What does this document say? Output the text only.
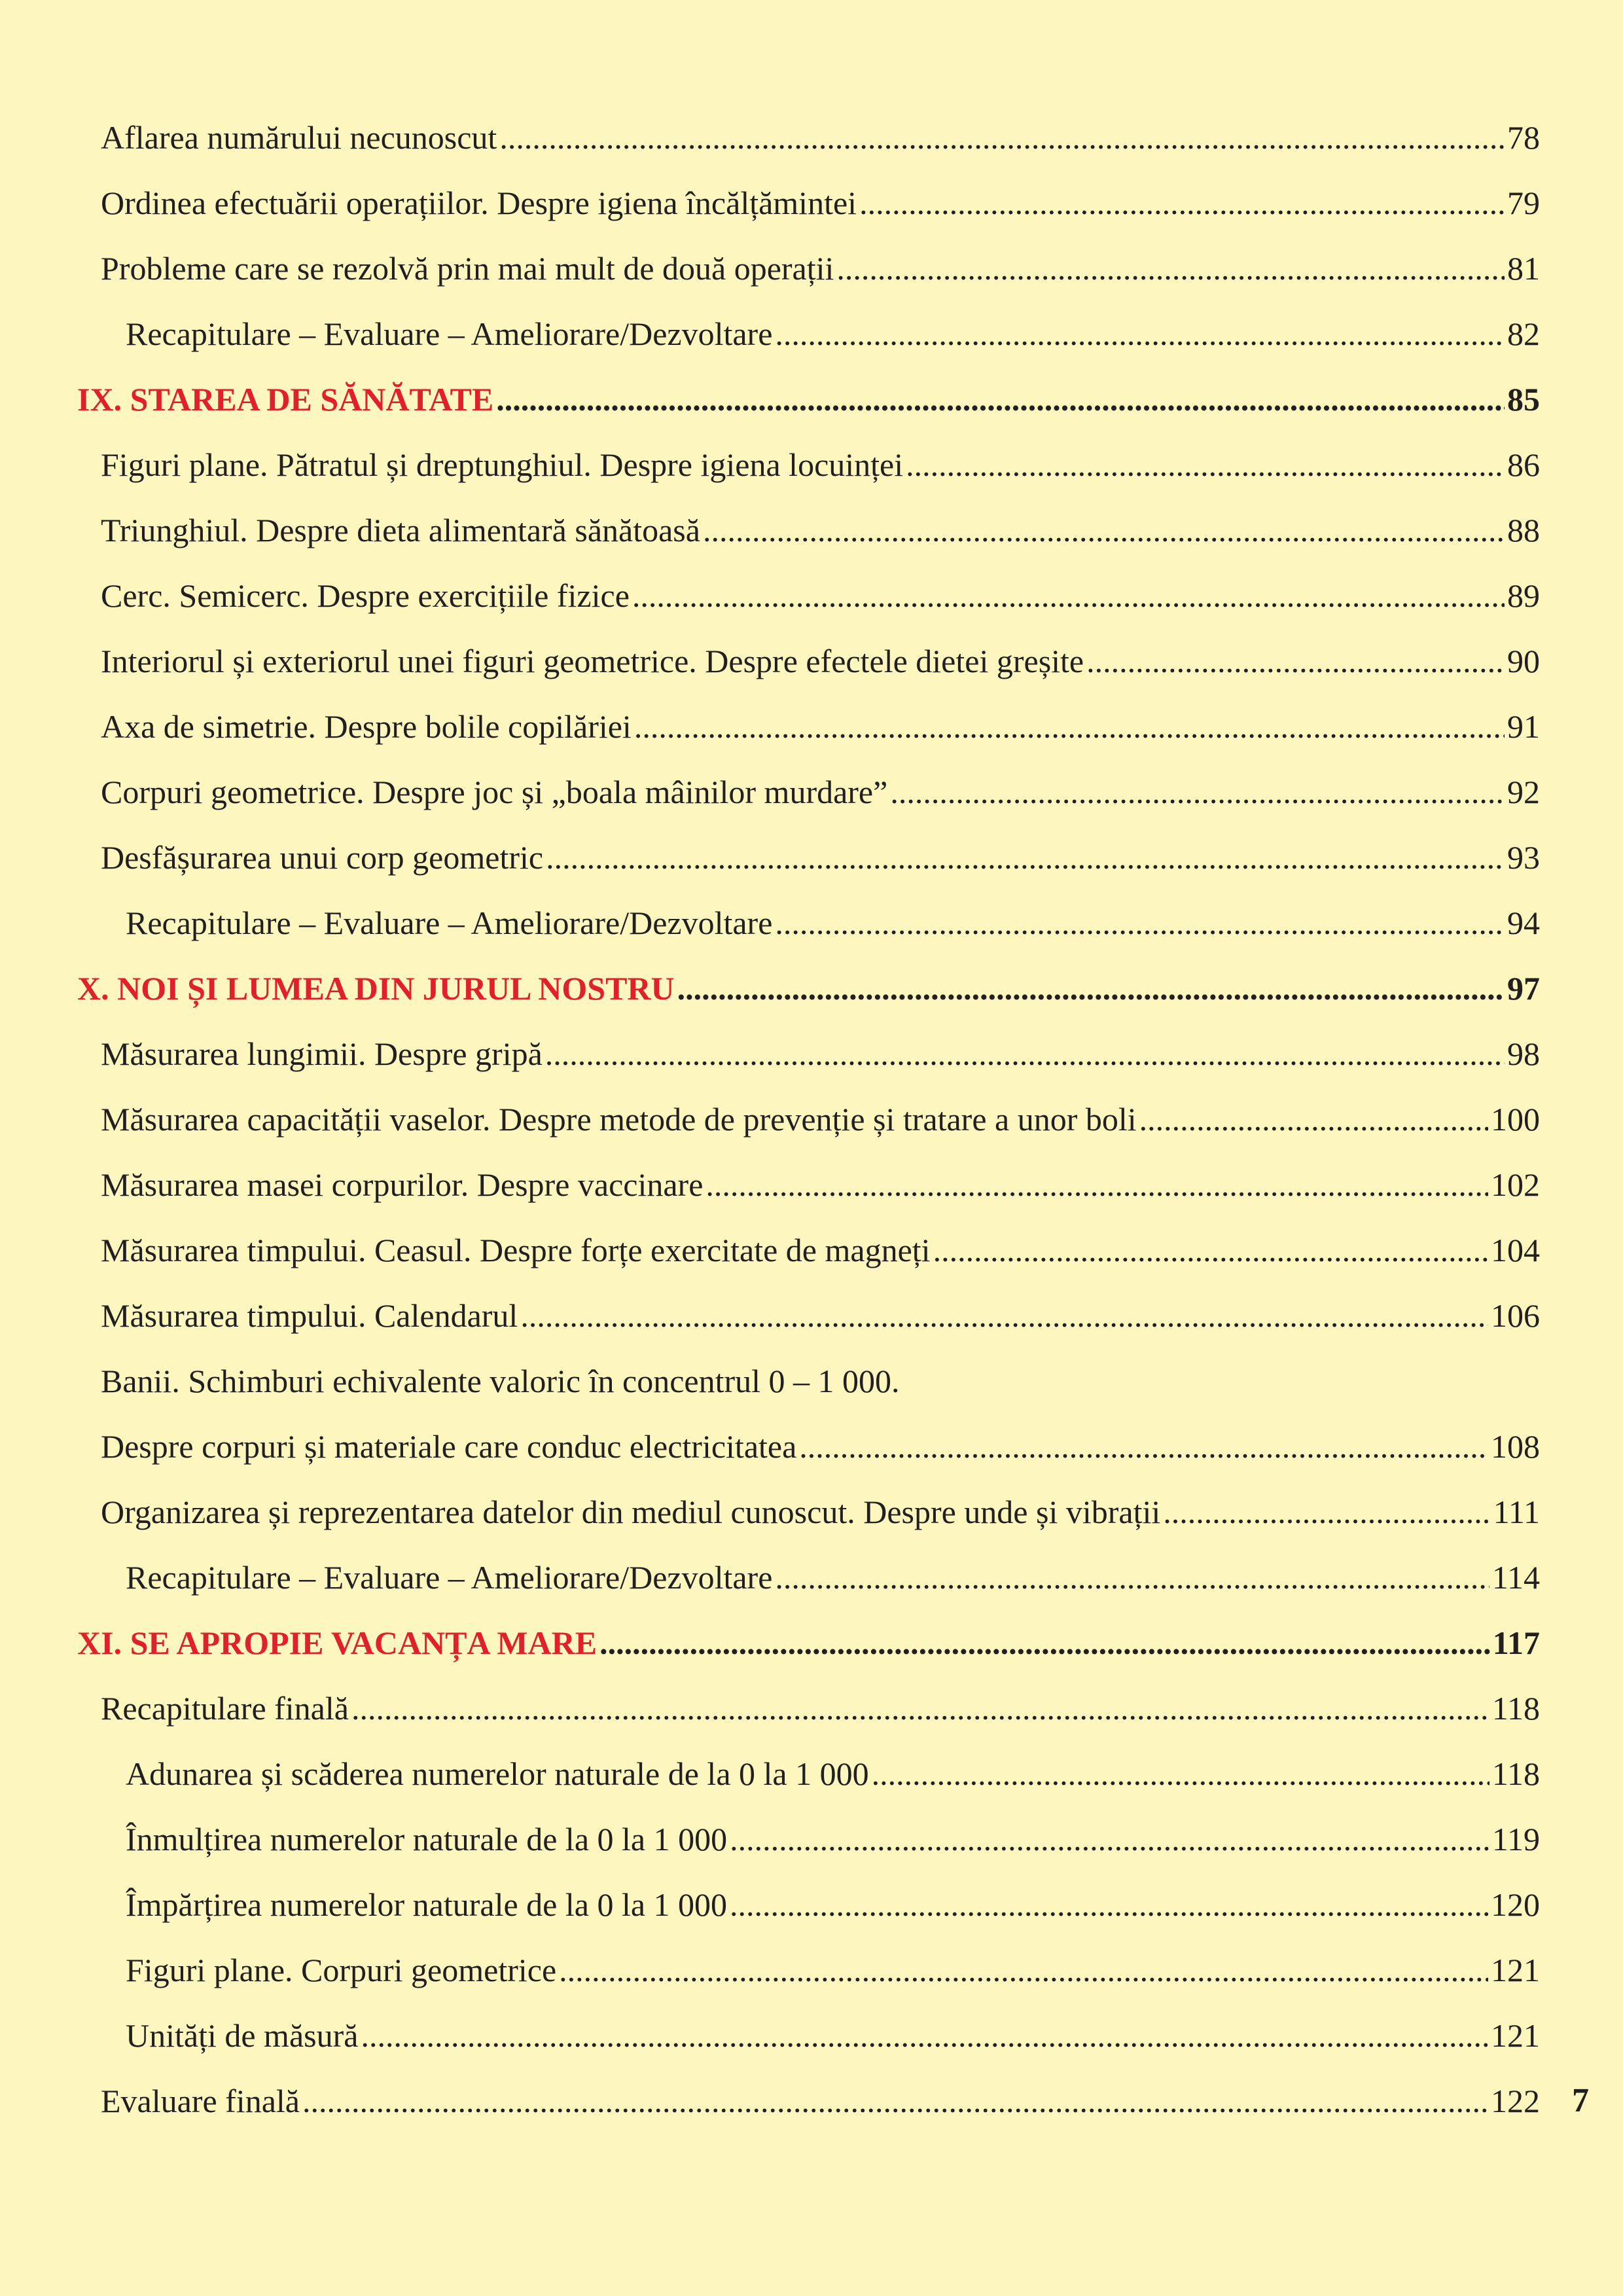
Aflarea numărului necunoscut .....	78
Ordinea efectuării operațiilor. Despre igiena încălțămintei .....	79
Probleme care se rezolvă prin mai mult de două operații .....	81
Recapitulare – Evaluare – Ameliorare/Dezvoltare .....	82
IX. STAREA DE SĂNĂTATE .....	85
Figuri plane. Pătratul și dreptunghiul. Despre igiena locuinței .....	86
Triunghiul. Despre dieta alimentară sănătoasă .....	88
Cerc. Semicerc. Despre exercițiile fizice .....	89
Interiorul și exteriorul unei figuri geometrice. Despre efectele dietei greșite .....	90
Axa de simetrie. Despre bolile copilăriei .....	91
Corpuri geometrice. Despre joc și „boala mâinilor murdare” .....	92
Desfășurarea unui corp geometric .....	93
Recapitulare – Evaluare – Ameliorare/Dezvoltare .....	94
X. NOI ȘI LUMEA DIN JURUL NOSTRU .....	97
Măsurarea lungimii. Despre gripă .....	98
Măsurarea capacității vaselor. Despre metode de prevenție și tratare a unor boli .....	100
Măsurarea masei corpurilor. Despre vaccinare .....	102
Măsurarea timpului. Ceasul. Despre forțe exercitate de magneți .....	104
Măsurarea timpului. Calendarul .....	106
Banii. Schimburi echivalente valoric în concentrul 0 – 1 000.
Despre corpuri și materiale care conduc electricitatea .....	108
Organizarea și reprezentarea datelor din mediul cunoscut. Despre unde și vibrații .....	111
Recapitulare – Evaluare – Ameliorare/Dezvoltare .....	114
XI. SE APROPIE VACANȚA MARE .....	117
Recapitulare finală .....	118
Adunarea și scăderea numerelor naturale de la 0 la 1 000 .....	118
Înmulțirea numerelor naturale de la 0 la 1 000 .....	119
Împărțirea numerelor naturale de la 0 la 1 000 .....	120
Figuri plane. Corpuri geometrice .....	121
Unități de măsură .....	121
Evaluare finală .....	122 7
